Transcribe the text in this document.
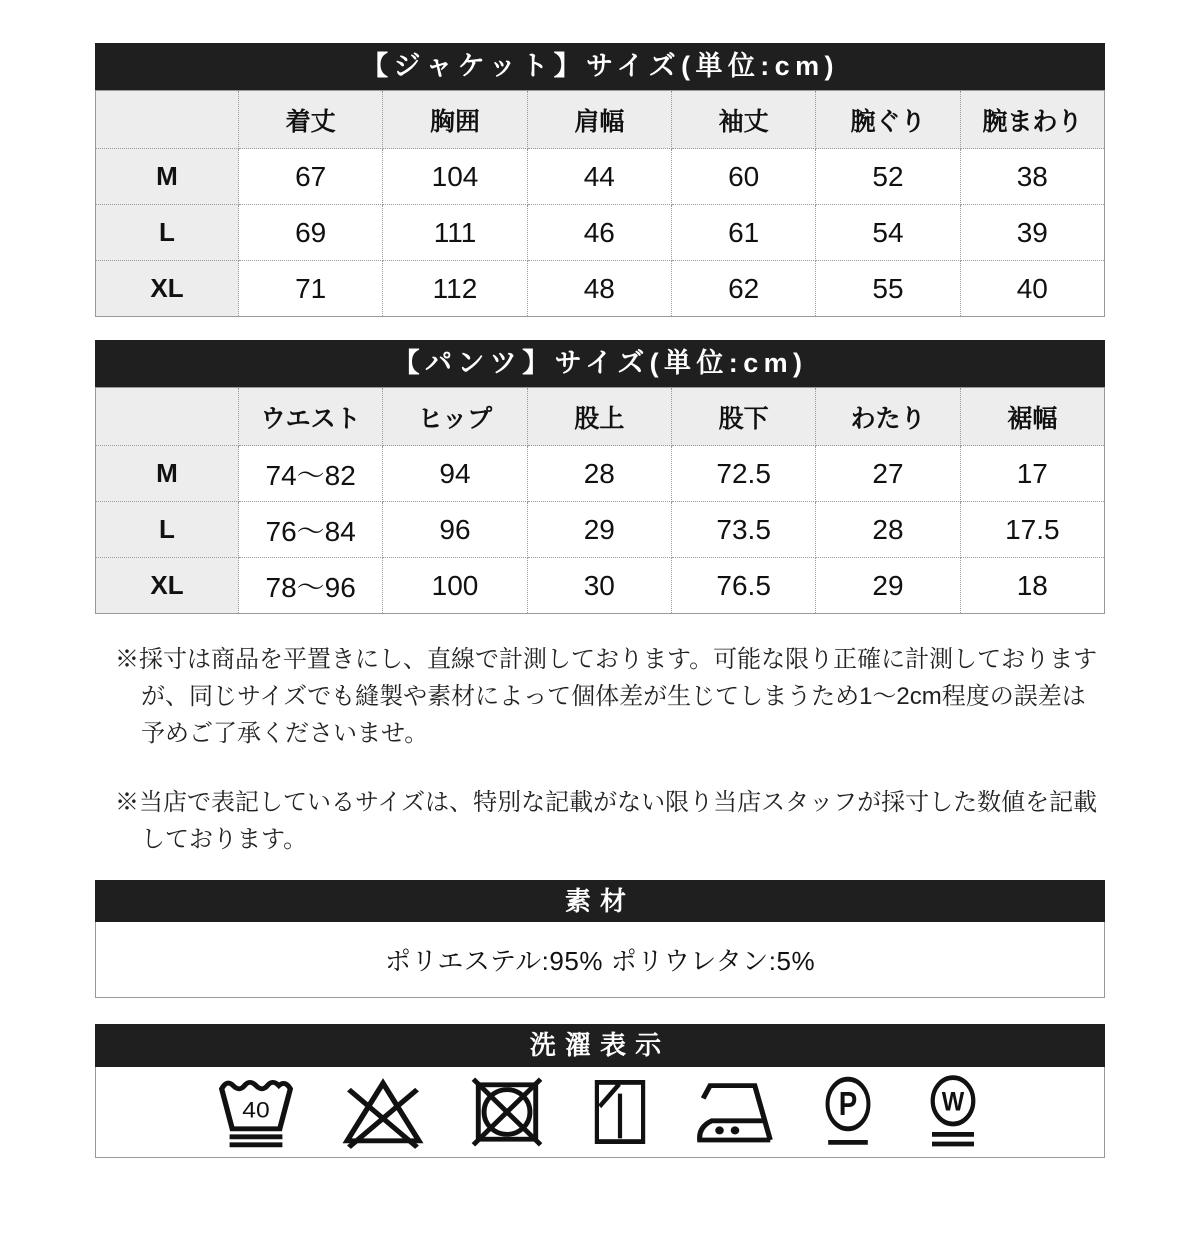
【ジャケット】サイズ(単位:cm)
	着丈	胸囲	肩幅	袖丈	腕ぐり	腕まわり
M	67	104	44	60	52	38
L	69	111	46	61	54	39
XL	71	112	48	62	55	40
【パンツ】サイズ(単位:cm)
	ウエスト	ヒップ	股上	股下	わたり	裾幅
M	74〜82	94	28	72.5	27	17
L	76〜84	96	29	73.5	28	17.5
XL	78〜96	100	30	76.5	29	18
※採寸は商品を平置きにし、直線で計測しております。可能な限り正確に計測しております
が、同じサイズでも縫製や素材によって個体差が生じてしまうため1〜2cm程度の誤差は
予めご了承くださいませ。
※当店で表記しているサイズは、特別な記載がない限り当店スタッフが採寸した数値を記載
しております。
素材
ポリエステル:95% ポリウレタン:5%
洗濯表示
40	P W
